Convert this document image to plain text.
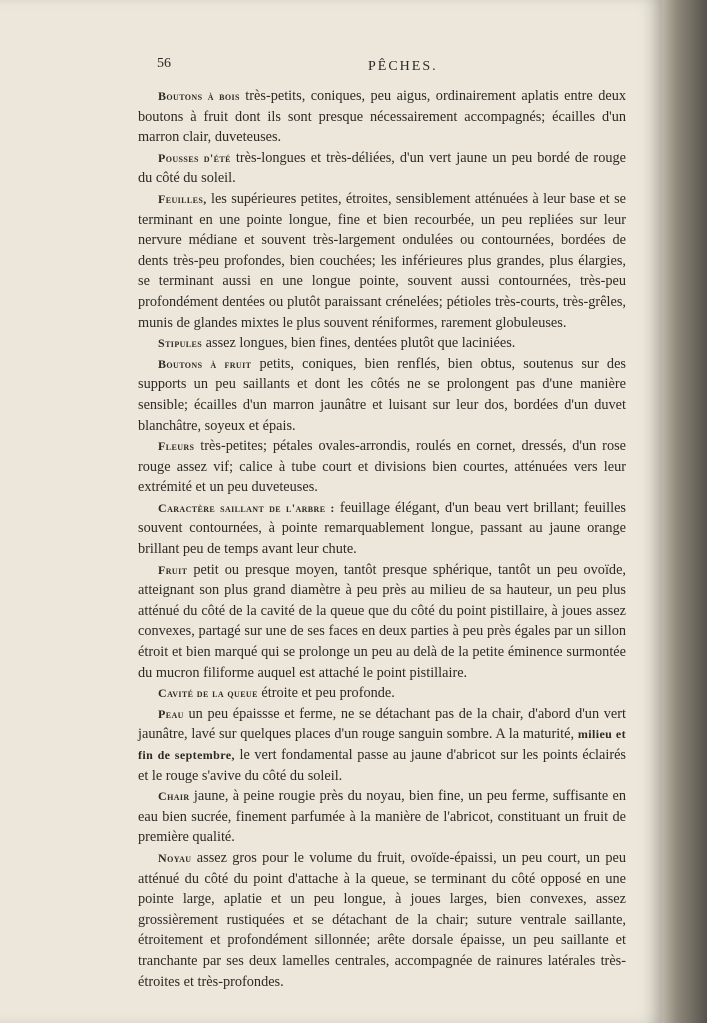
56	PÊCHES.

Boutons à bois très-petits, coniques, peu aigus, ordinairement aplatis entre deux boutons à fruit dont ils sont presque nécessairement accompagnés; écailles d'un marron clair, duveteuses.

Pousses d'été très-longues et très-déliées, d'un vert jaune un peu bordé de rouge du côté du soleil.

Feuilles, les supérieures petites, étroites, sensiblement atténuées à leur base et se terminant en une pointe longue, fine et bien recourbée, un peu repliées sur leur nervure médiane et souvent très-largement ondulées ou contournées, bordées de dents très-peu profondes, bien couchées; les inférieures plus grandes, plus élargies, se terminant aussi en une longue pointe, souvent aussi contournées, très-peu profondément dentées ou plutôt paraissant crénelées; pétioles très-courts, très-grêles, munis de glandes mixtes le plus souvent réniformes, rarement globuleuses.

Stipules assez longues, bien fines, dentées plutôt que laciniées.

Boutons à fruit petits, coniques, bien renflés, bien obtus, soutenus sur des supports un peu saillants et dont les côtés ne se prolongent pas d'une manière sensible; écailles d'un marron jaunâtre et luisant sur leur dos, bordées d'un duvet blanchâtre, soyeux et épais.

Fleurs très-petites; pétales ovales-arrondis, roulés en cornet, dressés, d'un rose rouge assez vif; calice à tube court et divisions bien courtes, atténuées vers leur extrémité et un peu duveteuses.

Caractère saillant de l'arbre : feuillage élégant, d'un beau vert brillant; feuilles souvent contournées, à pointe remarquablement longue, passant au jaune orange brillant peu de temps avant leur chute.

Fruit petit ou presque moyen, tantôt presque sphérique, tantôt un peu ovoïde, atteignant son plus grand diamètre à peu près au milieu de sa hauteur, un peu plus atténué du côté de la cavité de la queue que du côté du point pistillaire, à joues assez convexes, partagé sur une de ses faces en deux parties à peu près égales par un sillon étroit et bien marqué qui se prolonge un peu au delà de la petite éminence surmontée du mucron filiforme auquel est attaché le point pistillaire.

Cavité de la queue étroite et peu profonde.

Peau un peu épaissse et ferme, ne se détachant pas de la chair, d'abord d'un vert jaunâtre, lavé sur quelques places d'un rouge sanguin sombre. A la maturité, milieu et fin de septembre, le vert fondamental passe au jaune d'abricot sur les points éclairés et le rouge s'avive du côté du soleil.

Chair jaune, à peine rougie près du noyau, bien fine, un peu ferme, suffisante en eau bien sucrée, finement parfumée à la manière de l'abricot, constituant un fruit de première qualité.

Noyau assez gros pour le volume du fruit, ovoïde-épaissi, un peu court, un peu atténué du côté du point d'attache à la queue, se terminant du côté opposé en une pointe large, aplatie et un peu longue, à joues larges, bien convexes, assez grossièrement rustiquées et se détachant de la chair; suture ventrale saillante, étroitement et profondément sillonnée; arête dorsale épaisse, un peu saillante et tranchante par ses deux lamelles centrales, accompagnée de rainures latérales très-étroites et très-profondes.
